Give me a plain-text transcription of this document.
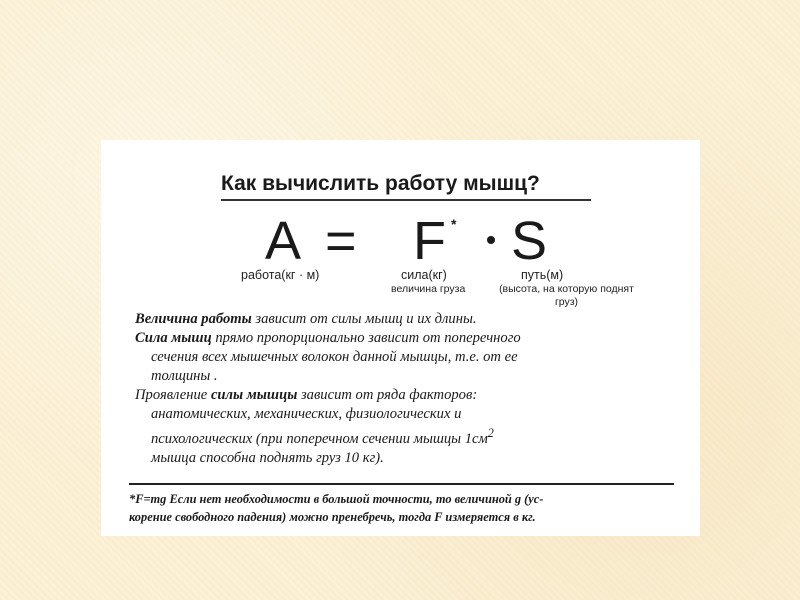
Как вычислить работу мышц?
A = F * S
работа(кг · м)	сила(кг)
величина груза
путь(м)
(высота, на которую поднят груз)

Величина работы зависит от силы мышц и их длины.

Сила мышц прямо пропорционально зависит от поперечного

сечения всех мышечных волокон данной мышцы, т.е. от ее

толщины .

Проявление силы мышцы зависит от ряда факторов:

анатомических, механических, физиологических и

психологических (при поперечном сечении мышцы $1см^2$

мышца способна поднять груз 10 кг).

*F=mg Если нет необходимости в большой точности, то величиной g (ус-

корение свободного падения) можно пренебречь, тогда F измеряется в кг.
